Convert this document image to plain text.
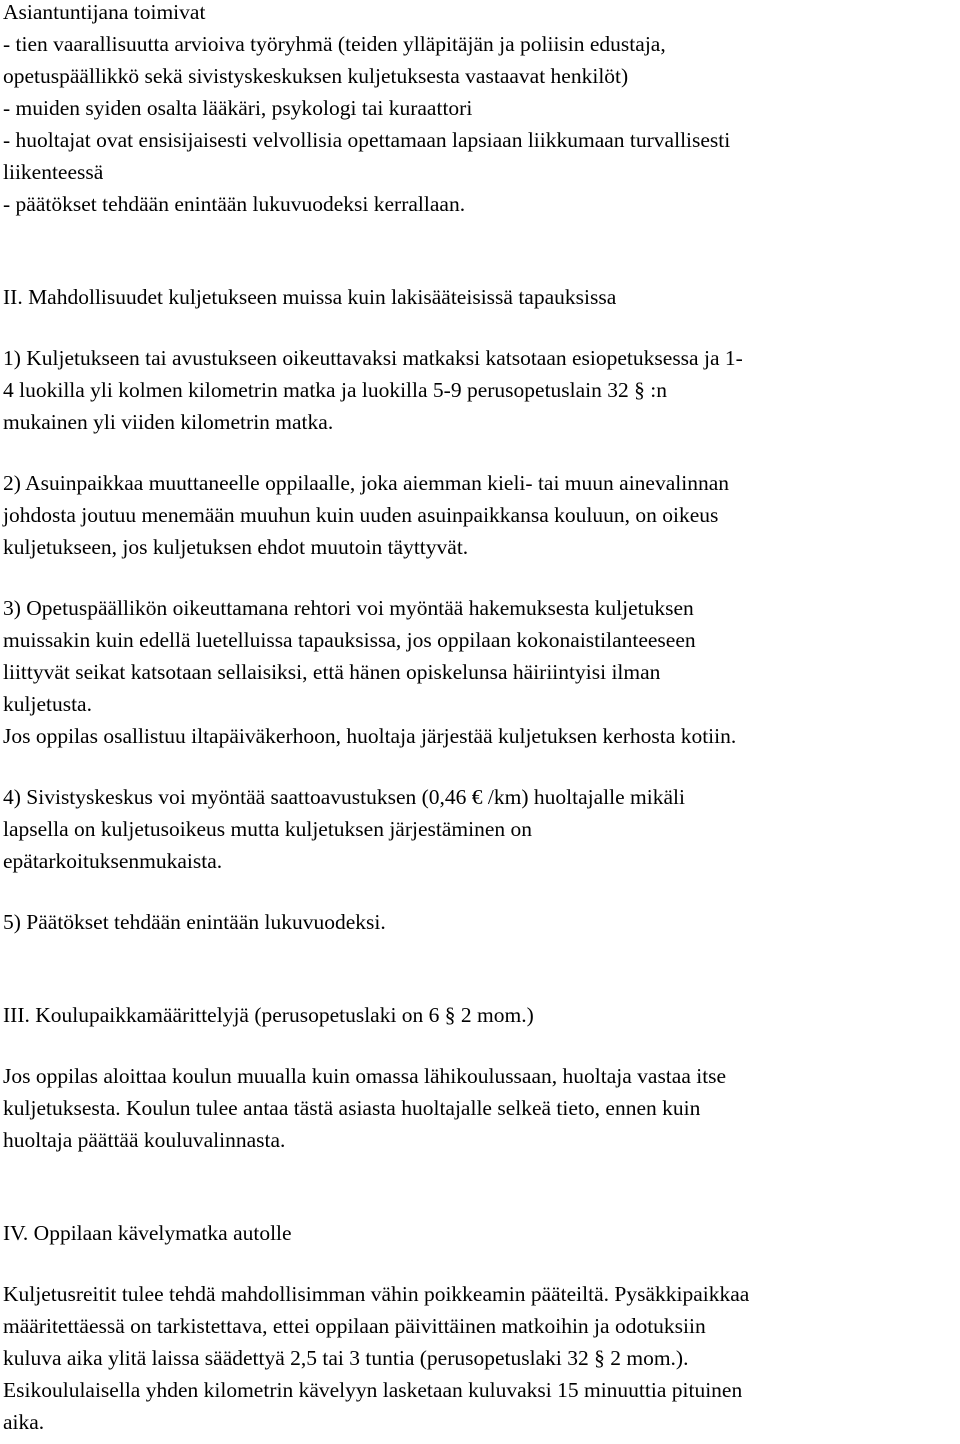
Asiantuntijana toimivat
- tien vaarallisuutta arvioiva työryhmä (teiden ylläpitäjän ja poliisin edustaja,
opetuspäällikkö sekä sivistyskeskuksen kuljetuksesta vastaavat henkilöt)
- muiden syiden osalta lääkäri, psykologi tai kuraattori
- huoltajat ovat ensisijaisesti velvollisia opettamaan lapsiaan liikkumaan turvallisesti
liikenteessä
- päätökset tehdään enintään lukuvuodeksi kerrallaan.
II. Mahdollisuudet kuljetukseen muissa kuin lakisääteisissä tapauksissa
1) Kuljetukseen tai avustukseen oikeuttavaksi matkaksi katsotaan esiopetuksessa ja 1-
4 luokilla yli kolmen kilometrin matka ja luokilla 5-9 perusopetuslain 32 § :n
mukainen yli viiden kilometrin matka.
2) Asuinpaikkaa muuttaneelle oppilaalle, joka aiemman kieli- tai muun ainevalinnan
johdosta joutuu menemään muuhun kuin uuden asuinpaikkansa kouluun, on oikeus
kuljetukseen, jos kuljetuksen ehdot muutoin täyttyvät.
3) Opetuspäällikön oikeuttamana rehtori voi myöntää hakemuksesta kuljetuksen
muissakin kuin edellä luetelluissa tapauksissa, jos oppilaan kokonaistilanteeseen
liittyvät seikat katsotaan sellaisiksi, että hänen opiskelunsa häiriintyisi ilman
kuljetusta.
Jos oppilas osallistuu iltapäiväkerhoon, huoltaja järjestää kuljetuksen kerhosta kotiin.
4) Sivistyskeskus voi myöntää saattoavustuksen (0,46 € /km) huoltajalle mikäli
lapsella on kuljetusoikeus mutta kuljetuksen järjestäminen on
epätarkoituksenmukaista.
5) Päätökset tehdään enintään lukuvuodeksi.
III. Koulupaikkamäärittelyjä (perusopetuslaki on 6 § 2 mom.)
Jos oppilas aloittaa koulun muualla kuin omassa lähikoulussaan, huoltaja vastaa itse
kuljetuksesta. Koulun tulee antaa tästä asiasta huoltajalle selkeä tieto, ennen kuin
huoltaja päättää kouluvalinnasta.
IV. Oppilaan kävelymatka autolle
Kuljetusreitit tulee tehdä mahdollisimman vähin poikkeamin pääteiltä. Pysäkkipaikkaa
määritettäessä on tarkistettava, ettei oppilaan päivittäinen matkoihin ja odotuksiin
kuluva aika ylitä laissa säädettyä 2,5 tai 3 tuntia (perusopetuslaki 32 § 2 mom.).
Esikoululaisella yhden kilometrin kävelyyn lasketaan kuluvaksi 15 minuuttia pituinen
aika.
